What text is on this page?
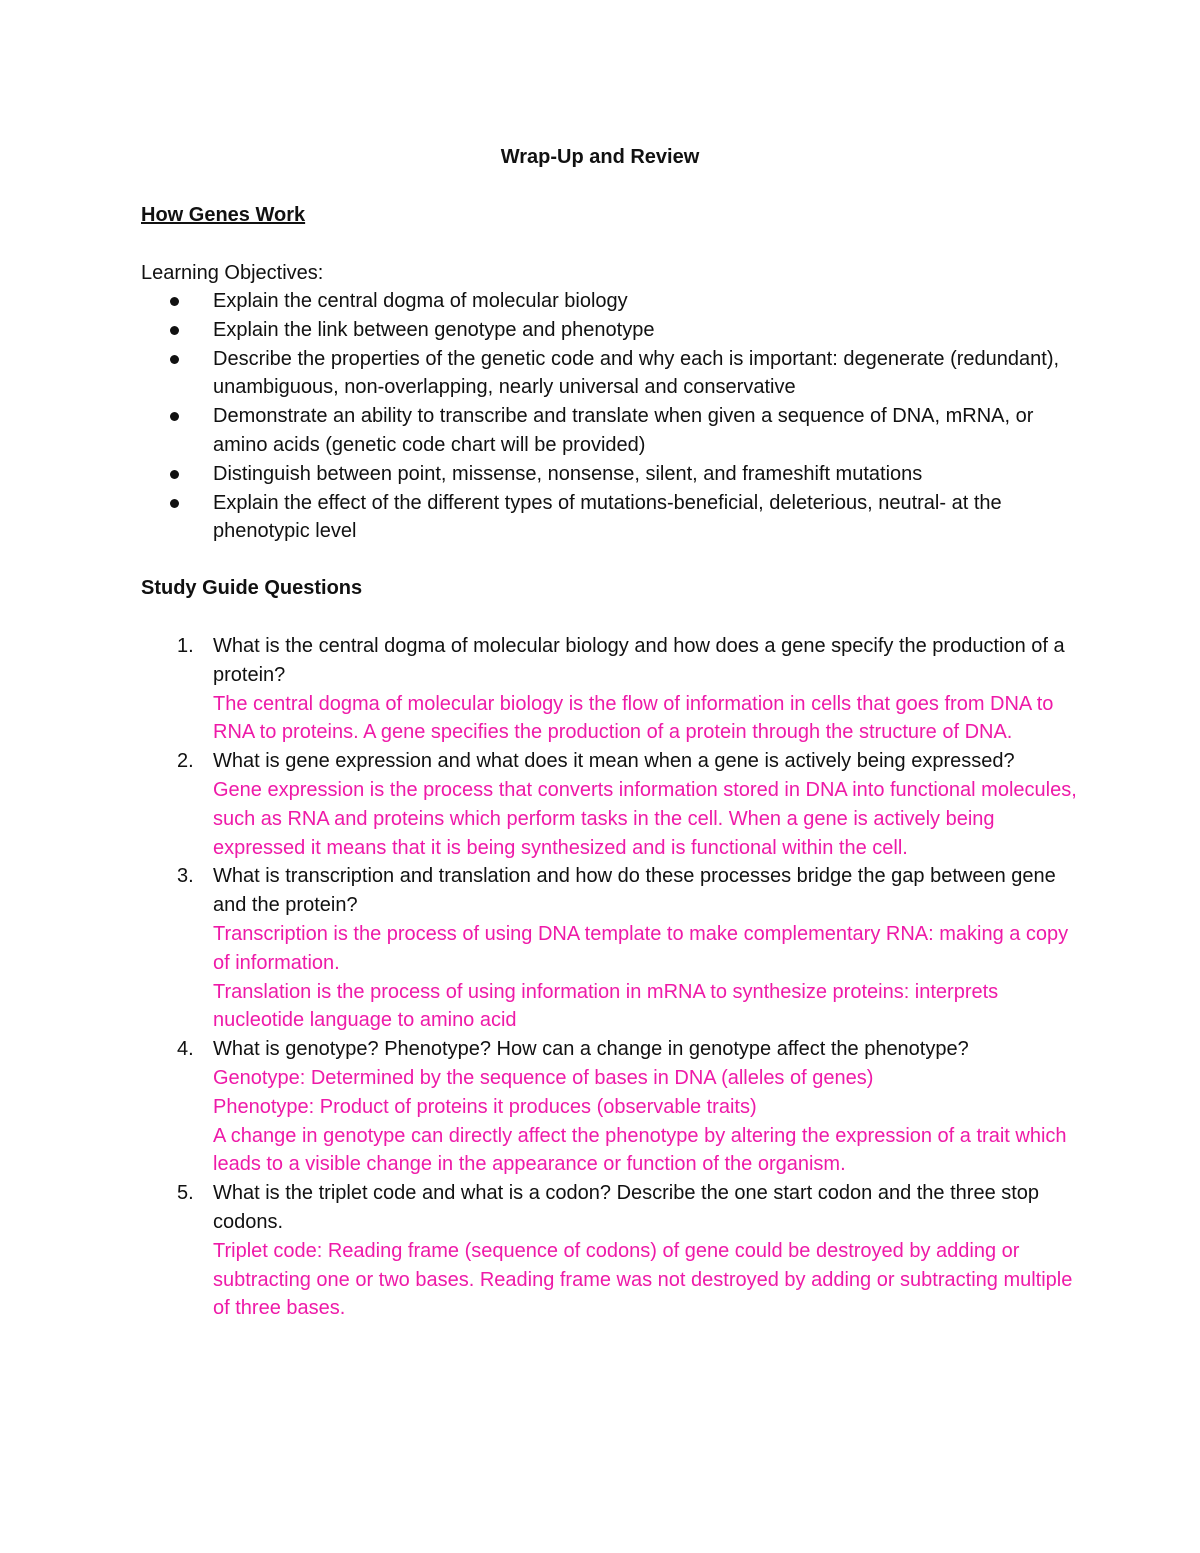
Wrap-Up and Review
How Genes Work
Learning Objectives:
Explain the central dogma of molecular biology
Explain the link between genotype and phenotype
Describe the properties of the genetic code and why each is important: degenerate (redundant), unambiguous, non-overlapping, nearly universal and conservative
Demonstrate an ability to transcribe and translate when given a sequence of DNA, mRNA, or amino acids (genetic code chart will be provided)
Distinguish between point, missense, nonsense, silent, and frameshift mutations
Explain the effect of the different types of mutations-beneficial, deleterious, neutral- at the phenotypic level
Study Guide Questions
1. What is the central dogma of molecular biology and how does a gene specify the production of a protein?
The central dogma of molecular biology is the flow of information in cells that goes from DNA to RNA to proteins. A gene specifies the production of a protein through the structure of DNA.
2. What is gene expression and what does it mean when a gene is actively being expressed?
Gene expression is the process that converts information stored in DNA into functional molecules, such as RNA and proteins which perform tasks in the cell. When a gene is actively being expressed it means that it is being synthesized and is functional within the cell.
3. What is transcription and translation and how do these processes bridge the gap between gene and the protein?
Transcription is the process of using DNA template to make complementary RNA: making a copy of information.
Translation is the process of using information in mRNA to synthesize proteins: interprets nucleotide language to amino acid
4. What is genotype? Phenotype? How can a change in genotype affect the phenotype?
Genotype: Determined by the sequence of bases in DNA (alleles of genes)
Phenotype: Product of proteins it produces (observable traits)
A change in genotype can directly affect the phenotype by altering the expression of a trait which leads to a visible change in the appearance or function of the organism.
5. What is the triplet code and what is a codon? Describe the one start codon and the three stop codons.
Triplet code: Reading frame (sequence of codons) of gene could be destroyed by adding or subtracting one or two bases. Reading frame was not destroyed by adding or subtracting multiple of three bases.
